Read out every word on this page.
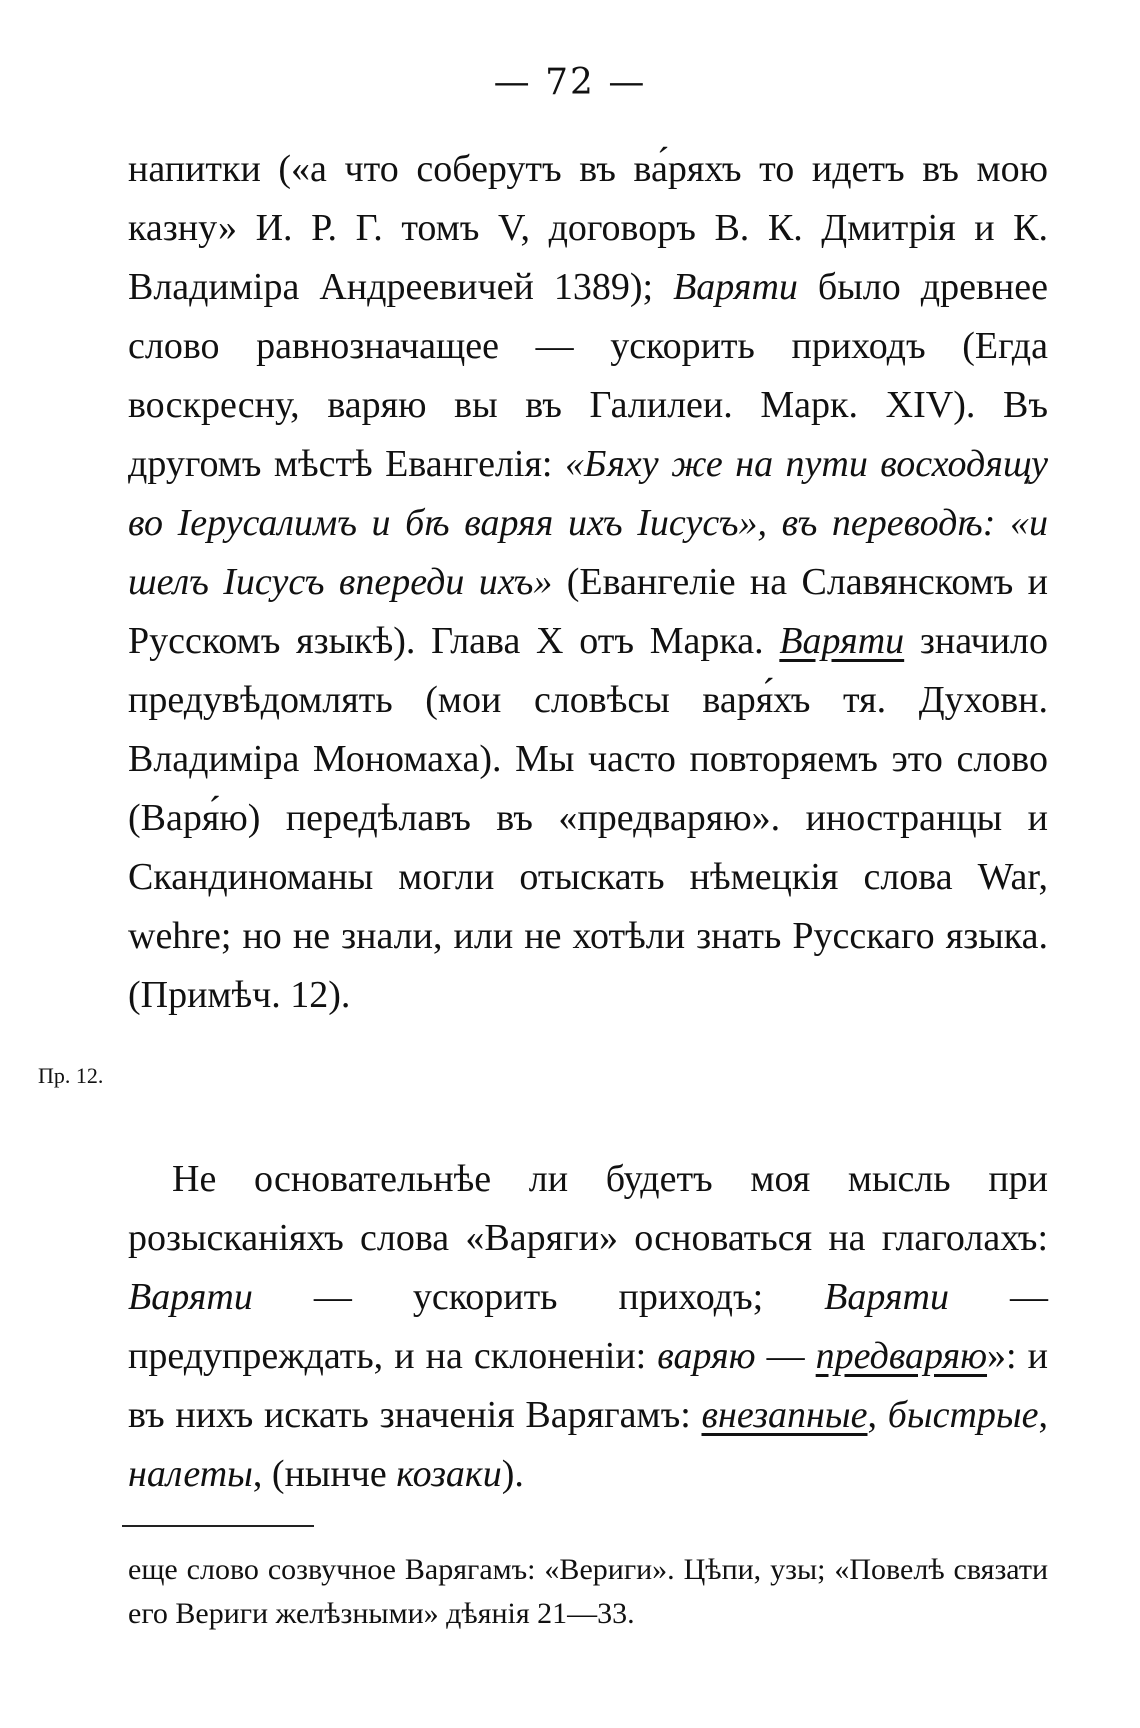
— 72 —
Пр. 12.
напитки («а что соберутъ въ ва́ряхъ то идетъ въ мою казну» И. Р. Г. томъ V, договоръ В. К. Дмитрія и К. Владиміра Андреевичей 1389); Варяти было древнее слово равнозначащее — ускорить приходъ (Егда воскресну, варяю вы въ Галилеи. Марк. XIV). Въ другомъ мѣстѣ Евангелія: «Бяху же на пути восходящу во Іерусалимъ и бѣ варяя ихъ Іисусъ», въ переводѣ: «и шелъ Іисусъ впереди ихъ» (Евангеліе на Славянскомъ и Русскомъ языкѣ). Глава X отъ Марка. Варяти значило предувѣдомлять (мои словѣсы варя́хъ тя. Духовн. Владиміра Мономаха). Мы часто повторяемъ это слово (Варя́ю) передѣлавъ въ «предваряю». иностранцы и Скандиноманы могли отыскать нѣмецкія слова War, wehre; но не знали, или не хотѣли знать Русскаго языка. (Примѣч. 12).
Не основательнѣе ли будетъ моя мысль при розысканіяхъ слова «Варяги» основаться на глаголахъ: Варяти — ускорить приходъ; Варяти — предупреждать, и на склоненіи: варяю — предваряю»: и въ нихъ искать значенія Варягамъ: внезапные, быстрые, налеты, (нынче козаки).
еще слово созвучное Варягамъ: «Вериги». Цѣпи, узы; «Повелѣ связати его Вериги желѣзными» дѣянія 21—33.
